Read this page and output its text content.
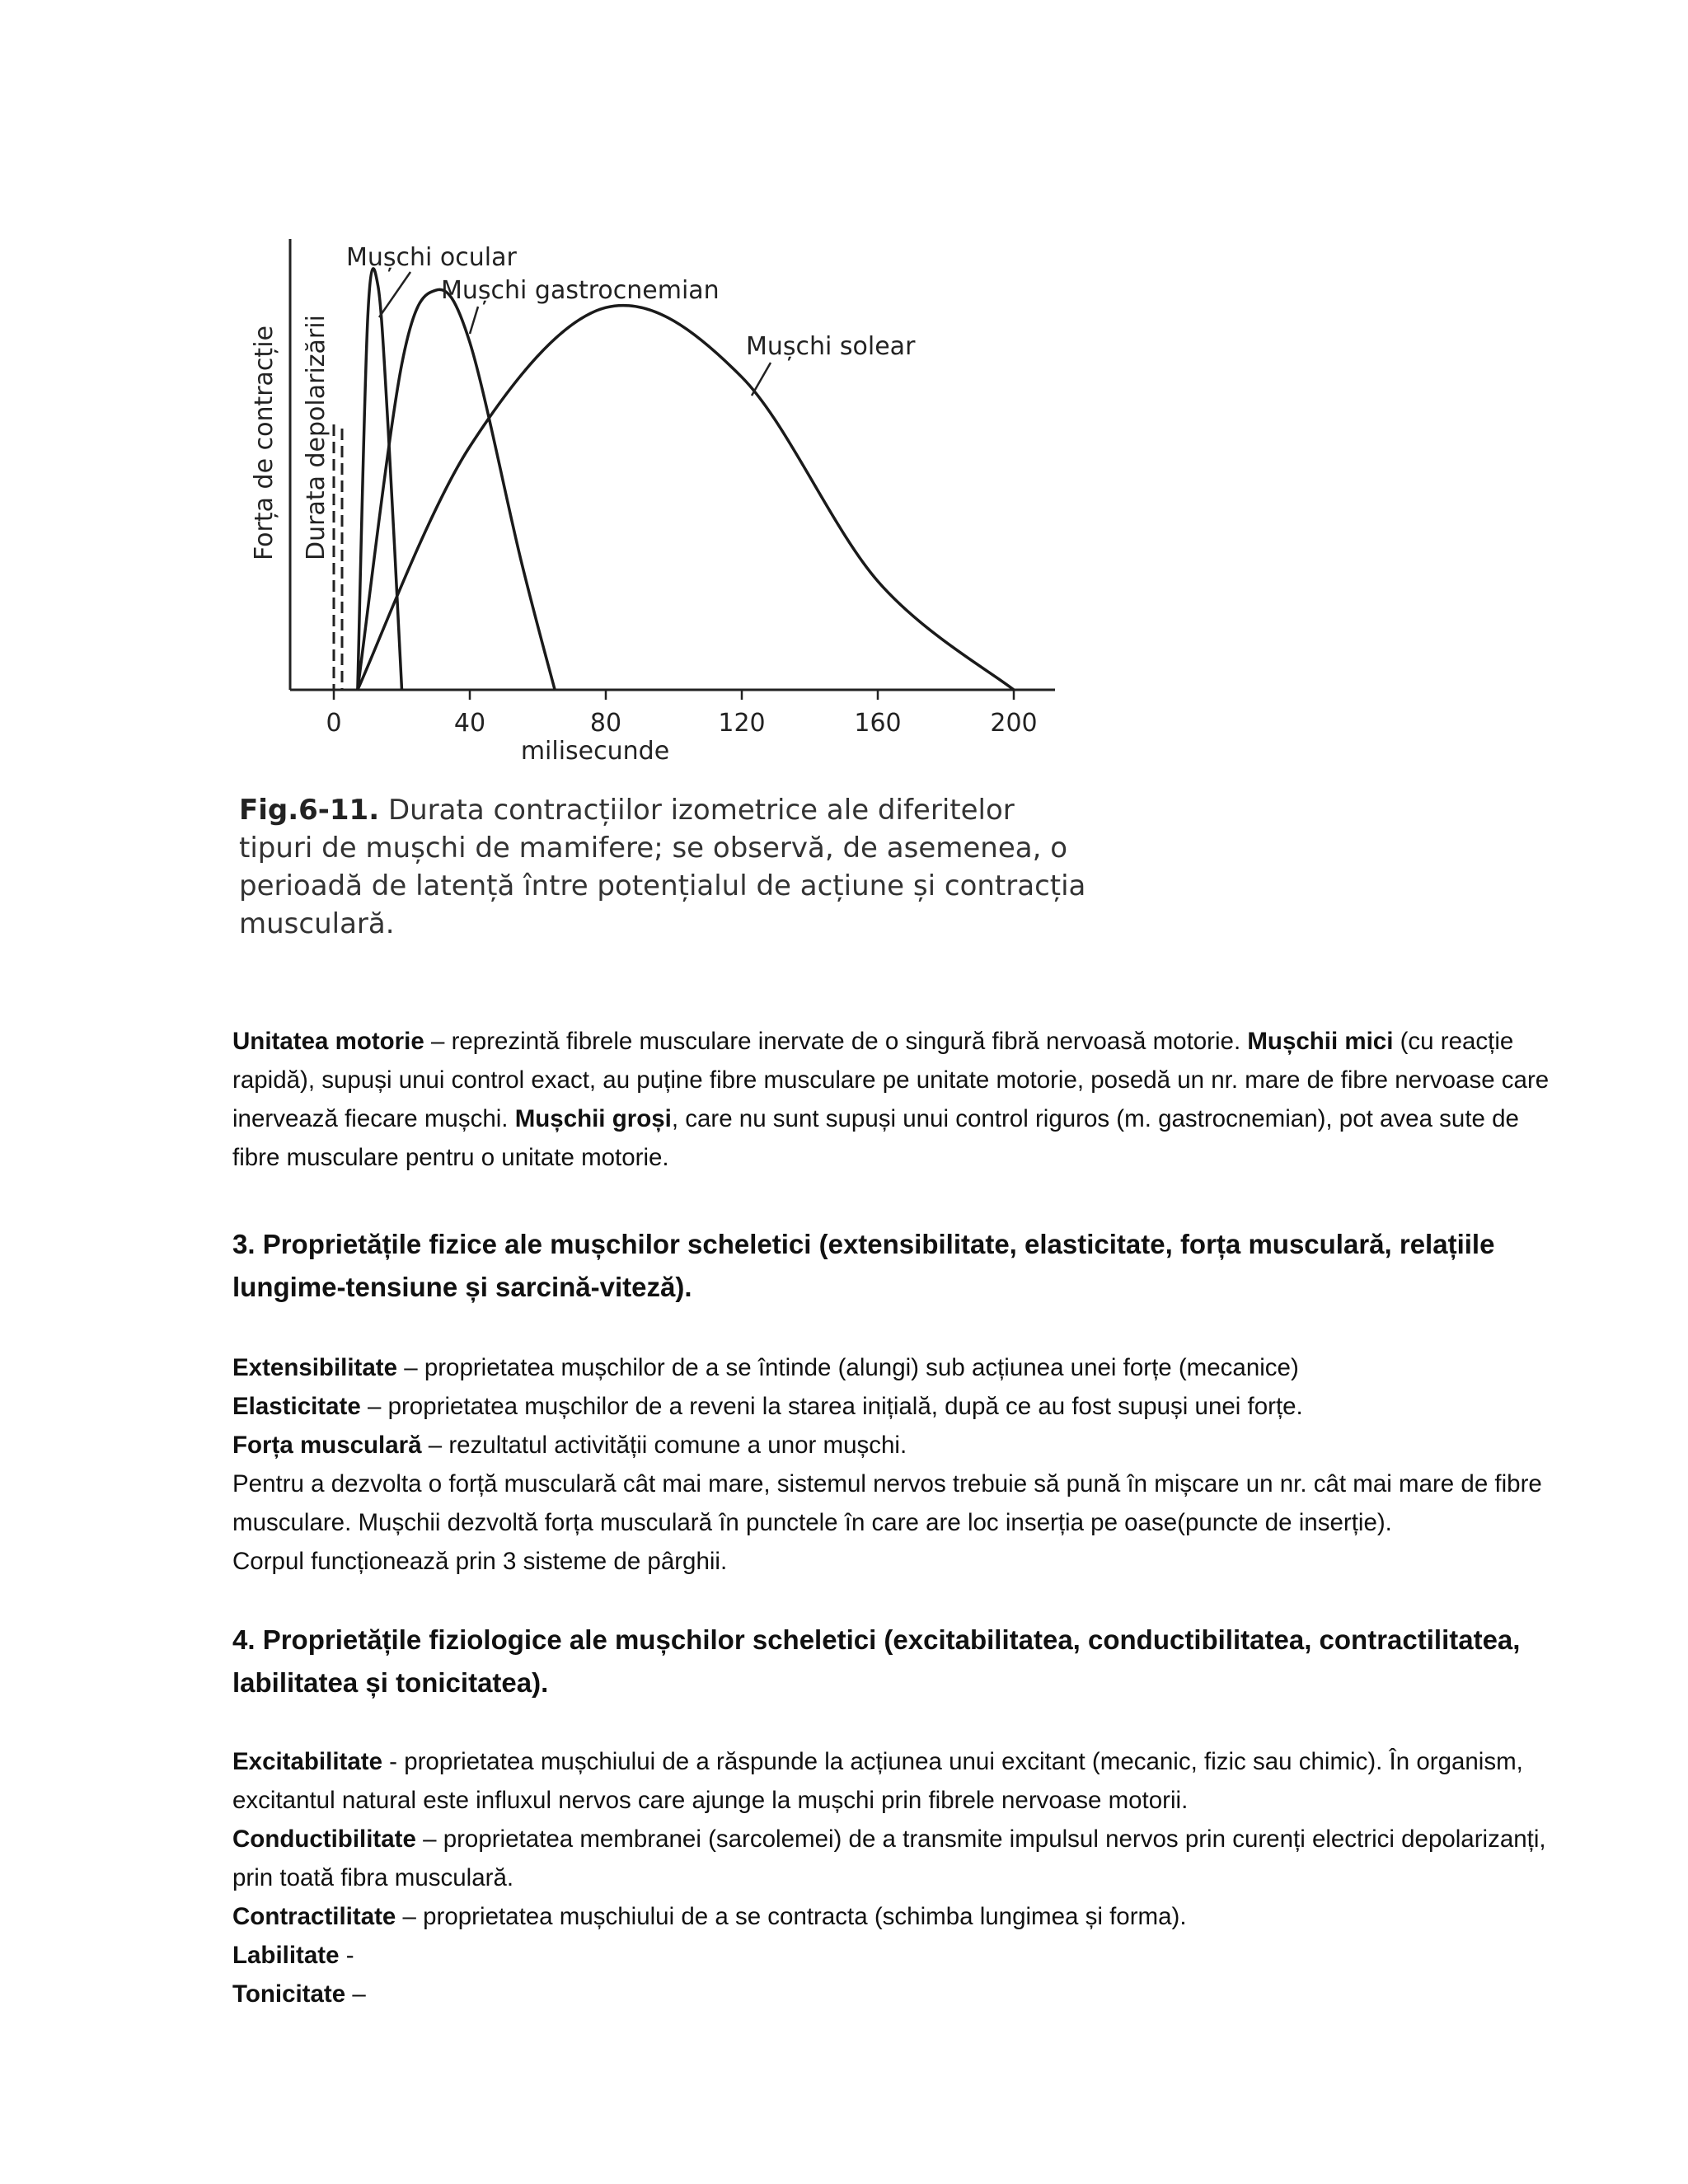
Forța de contracție Durata depolarizării
milisecunde
0	40	80	120	160	200
Mușchi ocular
Mușchi gastrocnemian
Mușchi solear
Fig.6-11. Durata contracțiilor izometrice ale diferitelor tipuri de mușchi de mamifere; se observă, de asemenea, o perioadă de latență între potențialul de acțiune și contracția musculară.

Unitatea motorie – reprezintă fibrele musculare inervate de o singură fibră nervoasă motorie. Mușchii mici (cu reacție rapidă), supuși unui control exact, au puține fibre musculare pe unitate motorie, posedă un nr. mare de fibre nervoase care inervează fiecare mușchi. Mușchii groși, care nu sunt supuși unui control riguros (m. gastrocnemian), pot avea sute de fibre musculare pentru o unitate motorie.

3. Proprietățile fizice ale mușchilor scheletici (extensibilitate, elasticitate, forța musculară, relațiile lungime-tensiune și sarcină-viteză).

Extensibilitate – proprietatea mușchilor de a se întinde (alungi) sub acțiunea unei forțe (mecanice)

Elasticitate – proprietatea mușchilor de a reveni la starea inițială, după ce au fost supuși unei forțe.

Forța musculară – rezultatul activității comune a unor mușchi.

Pentru a dezvolta o forță musculară cât mai mare, sistemul nervos trebuie să pună în mișcare un nr. cât mai mare de fibre musculare. Mușchii dezvoltă forța musculară în punctele în care are loc inserția pe oase(puncte de inserție).

Corpul funcționează prin 3 sisteme de pârghii.

4. Proprietățile fiziologice ale mușchilor scheletici (excitabilitatea, conductibilitatea, contractilitatea, labilitatea și tonicitatea).

Excitabilitate - proprietatea mușchiului de a răspunde la acțiunea unui excitant (mecanic, fizic sau chimic). În organism, excitantul natural este influxul nervos care ajunge la mușchi prin fibrele nervoase motorii.

Conductibilitate – proprietatea membranei (sarcolemei) de a transmite impulsul nervos prin curenți electrici depolarizanți, prin toată fibra musculară.

Contractilitate – proprietatea mușchiului de a se contracta (schimba lungimea și forma).

Labilitate -

Tonicitate –
